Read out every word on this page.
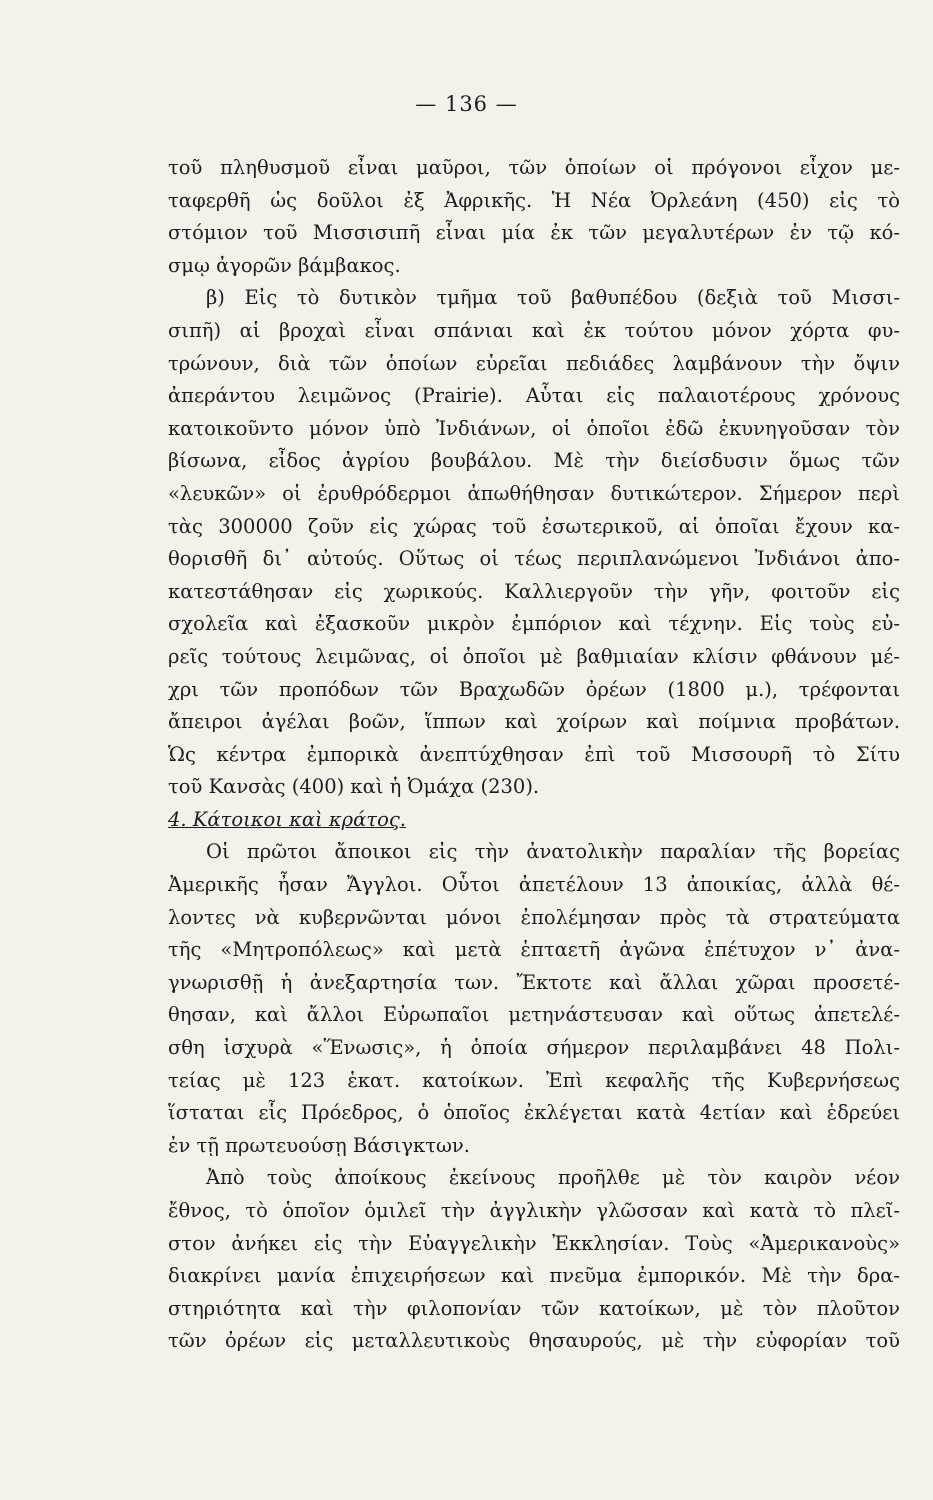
— 136 —
τοῦ πληθυσμοῦ εἶναι μαῦροι, τῶν ὁποίων οἱ πρόγονοι εἶχον με-
ταφερθῆ ὡς δοῦλοι ἐξ Ἀφρικῆς. Ἡ Νέα Ὀρλεάνη (450) εἰς τὸ
στόμιον τοῦ Μισσισιπῆ εἶναι μία ἐκ τῶν μεγαλυτέρων ἐν τῷ κό-
σμῳ ἀγορῶν βάμβακος.
β) Εἰς τὸ δυτικὸν τμῆμα τοῦ βαθυπέδου (δεξιὰ τοῦ Μισσι-
σιπῆ) αἱ βροχαὶ εἶναι σπάνιαι καὶ ἐκ τούτου μόνον χόρτα φυ-
τρώνουν, διὰ τῶν ὁποίων εὑρεῖαι πεδιάδες λαμβάνουν τὴν ὄψιν
ἀπεράντου λειμῶνος (Prairie). Αὗται εἰς παλαιοτέρους χρόνους
κατοικοῦντο μόνον ὑπὸ Ἰνδιάνων, οἱ ὁποῖοι ἐδῶ ἐκυνηγοῦσαν τὸν
βίσωνα, εἶδος ἀγρίου βουβάλου. Μὲ τὴν διείσδυσιν ὅμως τῶν
«λευκῶν» οἱ ἐρυθρόδερμοι ἀπωθήθησαν δυτικώτερον. Σήμερον περὶ
τὰς 300000 ζοῦν εἰς χώρας τοῦ ἐσωτερικοῦ, αἱ ὁποῖαι ἔχουν κα-
θορισθῆ δι᾿ αὐτούς. Οὕτως οἱ τέως περιπλανώμενοι Ἰνδιάνοι ἀπο-
κατεστάθησαν εἰς χωρικούς. Καλλιεργοῦν τὴν γῆν, φοιτοῦν εἰς
σχολεῖα καὶ ἐξασκοῦν μικρὸν ἐμπόριον καὶ τέχνην. Εἰς τοὺς εὐ-
ρεῖς τούτους λειμῶνας, οἱ ὁποῖοι μὲ βαθμιαίαν κλίσιν φθάνουν μέ-
χρι τῶν προπόδων τῶν Βραχωδῶν ὀρέων (1800 μ.), τρέφονται
ἄπειροι ἀγέλαι βοῶν, ἵππων καὶ χοίρων καὶ ποίμνια προβάτων.
Ὡς κέντρα ἐμπορικὰ ἀνεπτύχθησαν ἐπὶ τοῦ Μισσουρῆ τὸ Σίτυ
τοῦ Κανσὰς (400) καὶ ἡ Ὀμάχα (230).
4. Κάτοικοι καὶ κράτος.
Οἱ πρῶτοι ἄποικοι εἰς τὴν ἀνατολικὴν παραλίαν τῆς βορείας
Ἀμερικῆς ἦσαν Ἄγγλοι. Οὗτοι ἀπετέλουν 13 ἀποικίας, ἀλλὰ θέ-
λοντες νὰ κυβερνῶνται μόνοι ἐπολέμησαν πρὸς τὰ στρατεύματα
τῆς «Μητροπόλεως» καὶ μετὰ ἑπταετῆ ἀγῶνα ἐπέτυχον ν᾿ ἀνα-
γνωρισθῇ ἡ ἀνεξαρτησία των. Ἔκτοτε καὶ ἄλλαι χῶραι προσετέ-
θησαν, καὶ ἄλλοι Εὐρωπαῖοι μετηνάστευσαν καὶ οὕτως ἀπετελέ-
σθη ἰσχυρὰ «Ἕνωσις», ἡ ὁποία σήμερον περιλαμβάνει 48 Πολι-
τείας μὲ 123 ἑκατ. κατοίκων. Ἐπὶ κεφαλῆς τῆς Κυβερνήσεως
ἵσταται εἷς Πρόεδρος, ὁ ὁποῖος ἐκλέγεται κατὰ 4ετίαν καὶ ἑδρεύει
ἐν τῇ πρωτευούσῃ Βάσιγκτων.
Ἀπὸ τοὺς ἀποίκους ἐκείνους προῆλθε μὲ τὸν καιρὸν νέον
ἔθνος, τὸ ὁποῖον ὁμιλεῖ τὴν ἀγγλικὴν γλῶσσαν καὶ κατὰ τὸ πλεῖ-
στον ἀνήκει εἰς τὴν Εὐαγγελικὴν Ἐκκλησίαν. Τοὺς «Ἀμερικανοὺς»
διακρίνει μανία ἐπιχειρήσεων καὶ πνεῦμα ἐμπορικόν. Μὲ τὴν δρα-
στηριότητα καὶ τὴν φιλοπονίαν τῶν κατοίκων, μὲ τὸν πλοῦτον
τῶν ὀρέων εἰς μεταλλευτικοὺς θησαυρούς, μὲ τὴν εὐφορίαν τοῦ
